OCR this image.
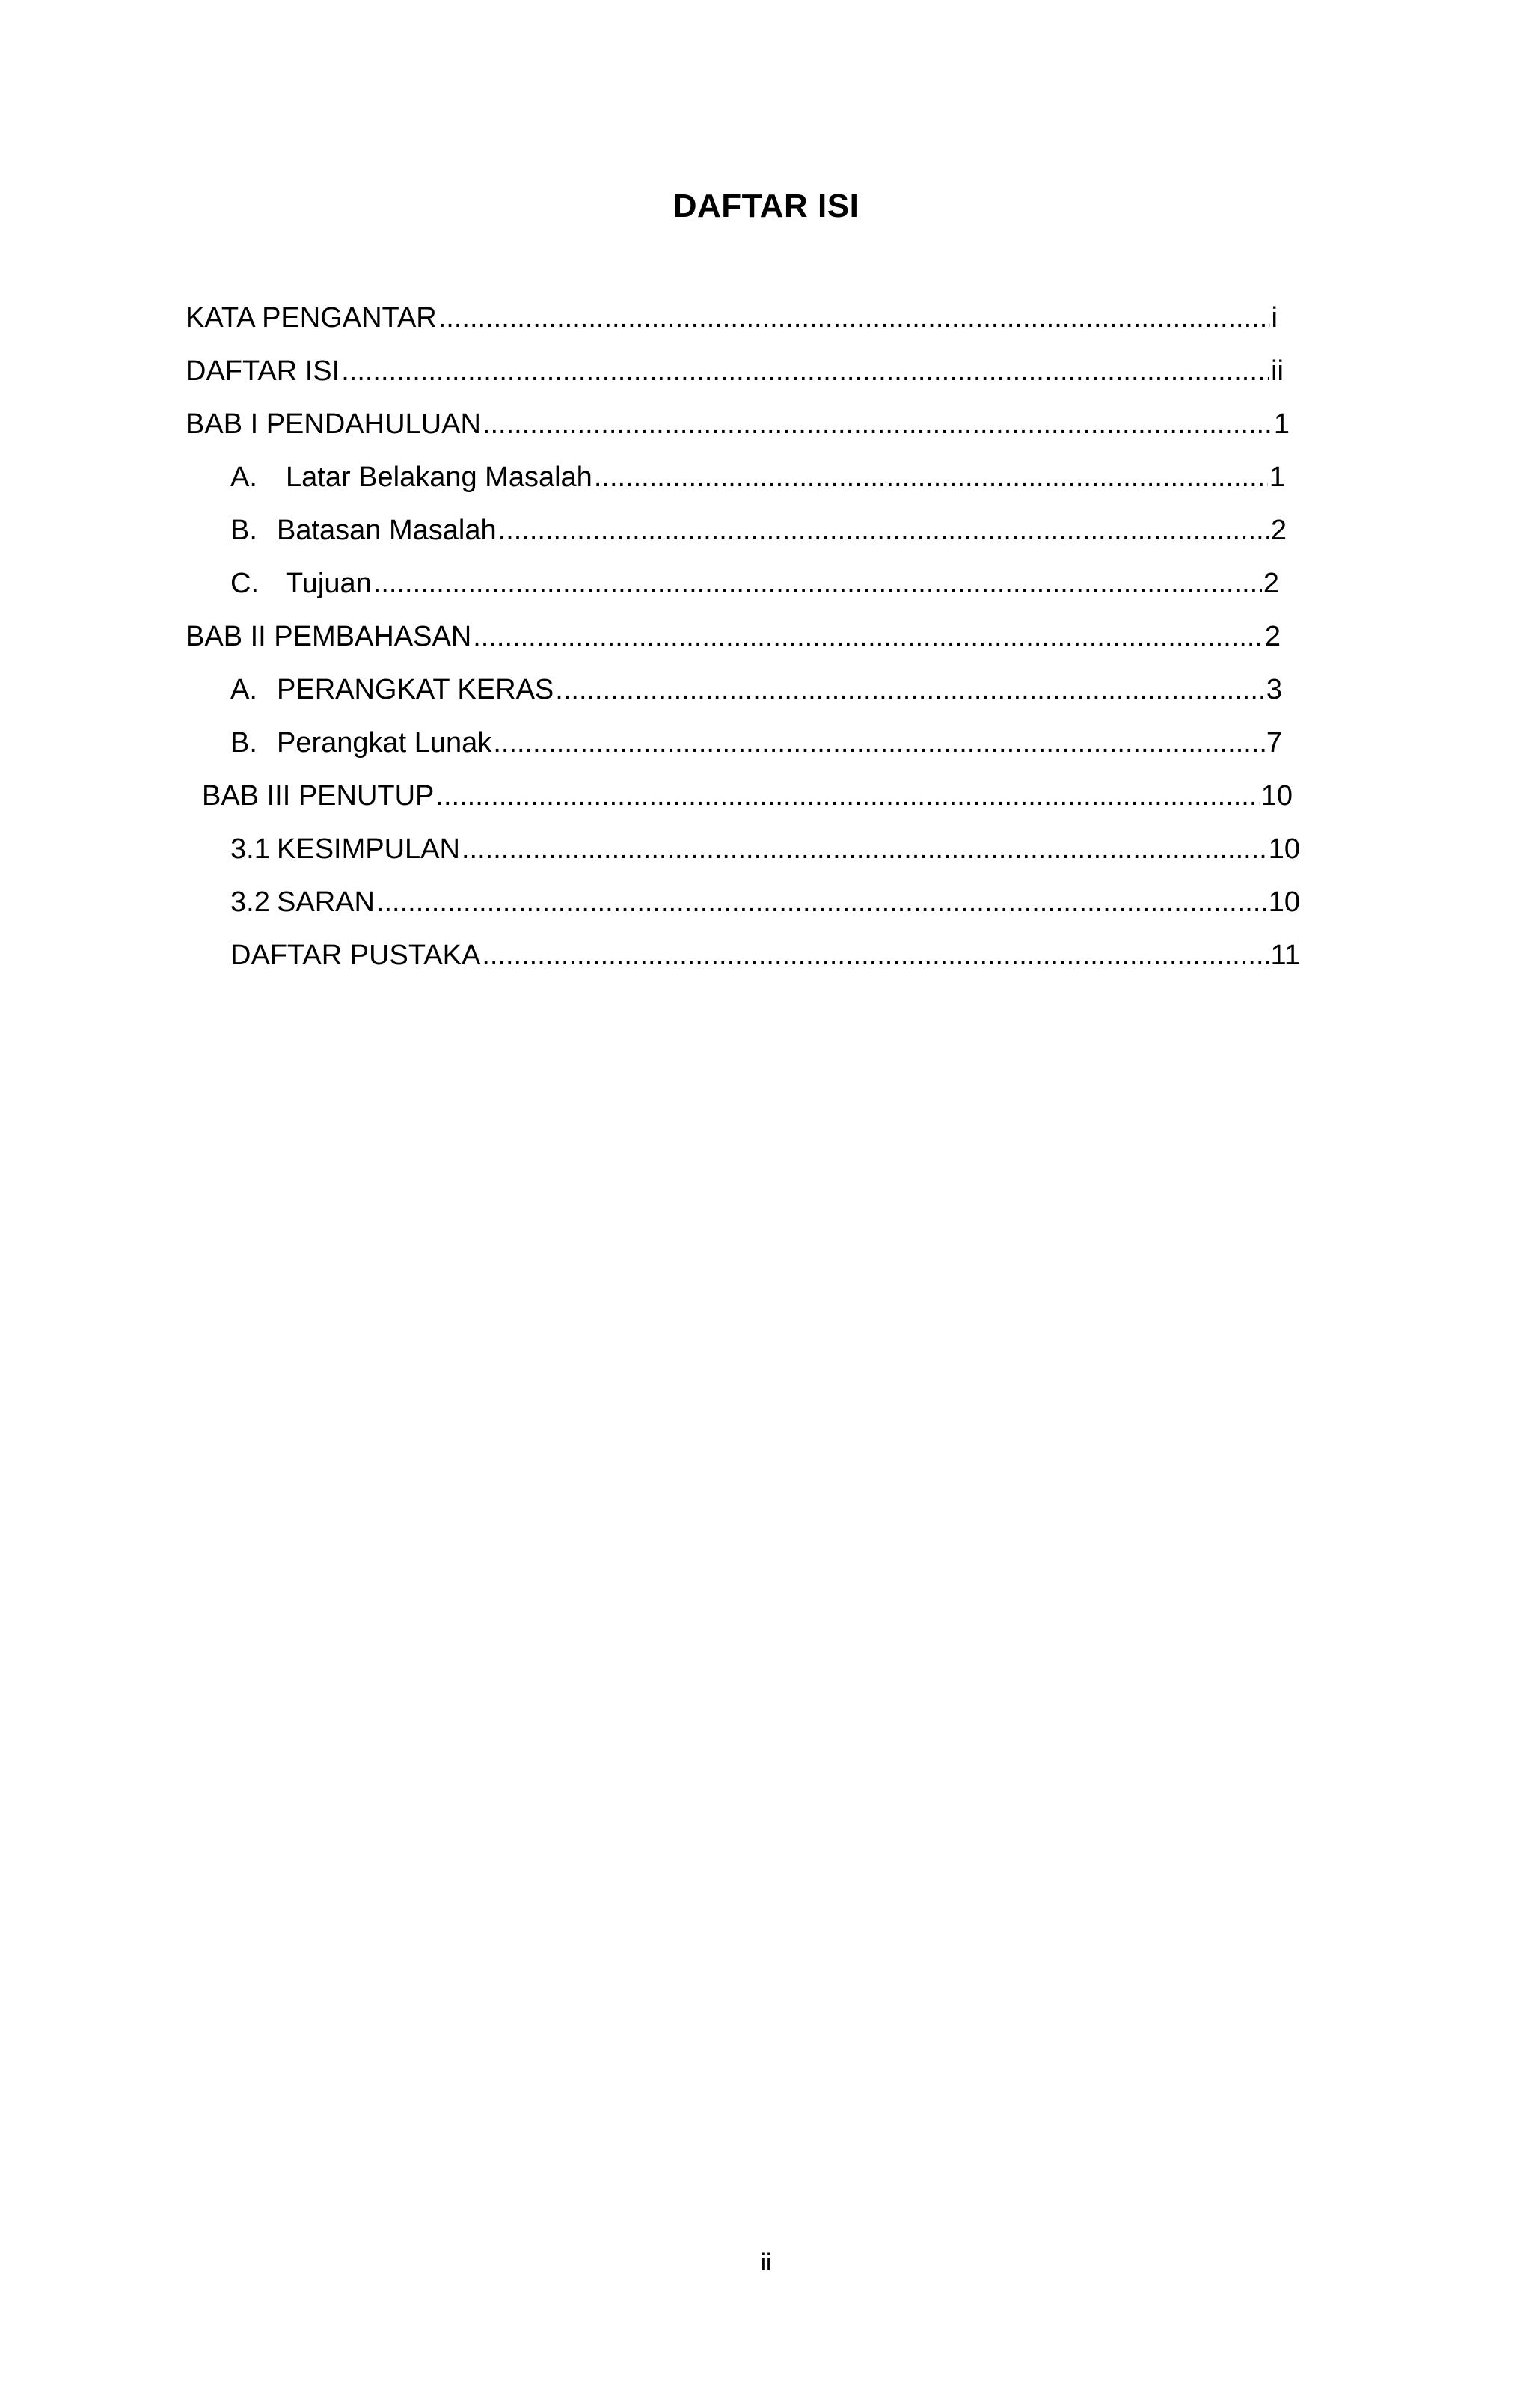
DAFTAR ISI
KATA PENGANTAR .....	i
DAFTAR ISI .....	ii
BAB I PENDAHULUAN .....	1
A.	Latar Belakang Masalah .....	1
B. Batasan Masalah .....	2
C. Tujuan .....	2
BAB II PEMBAHASAN .....	2
A. PERANGKAT KERAS .....	3
B. Perangkat Lunak .....	7
BAB III PENUTUP .....	10
3.1 KESIMPULAN .....	10
3.2 SARAN .....	10
DAFTAR PUSTAKA .....	11
ii
